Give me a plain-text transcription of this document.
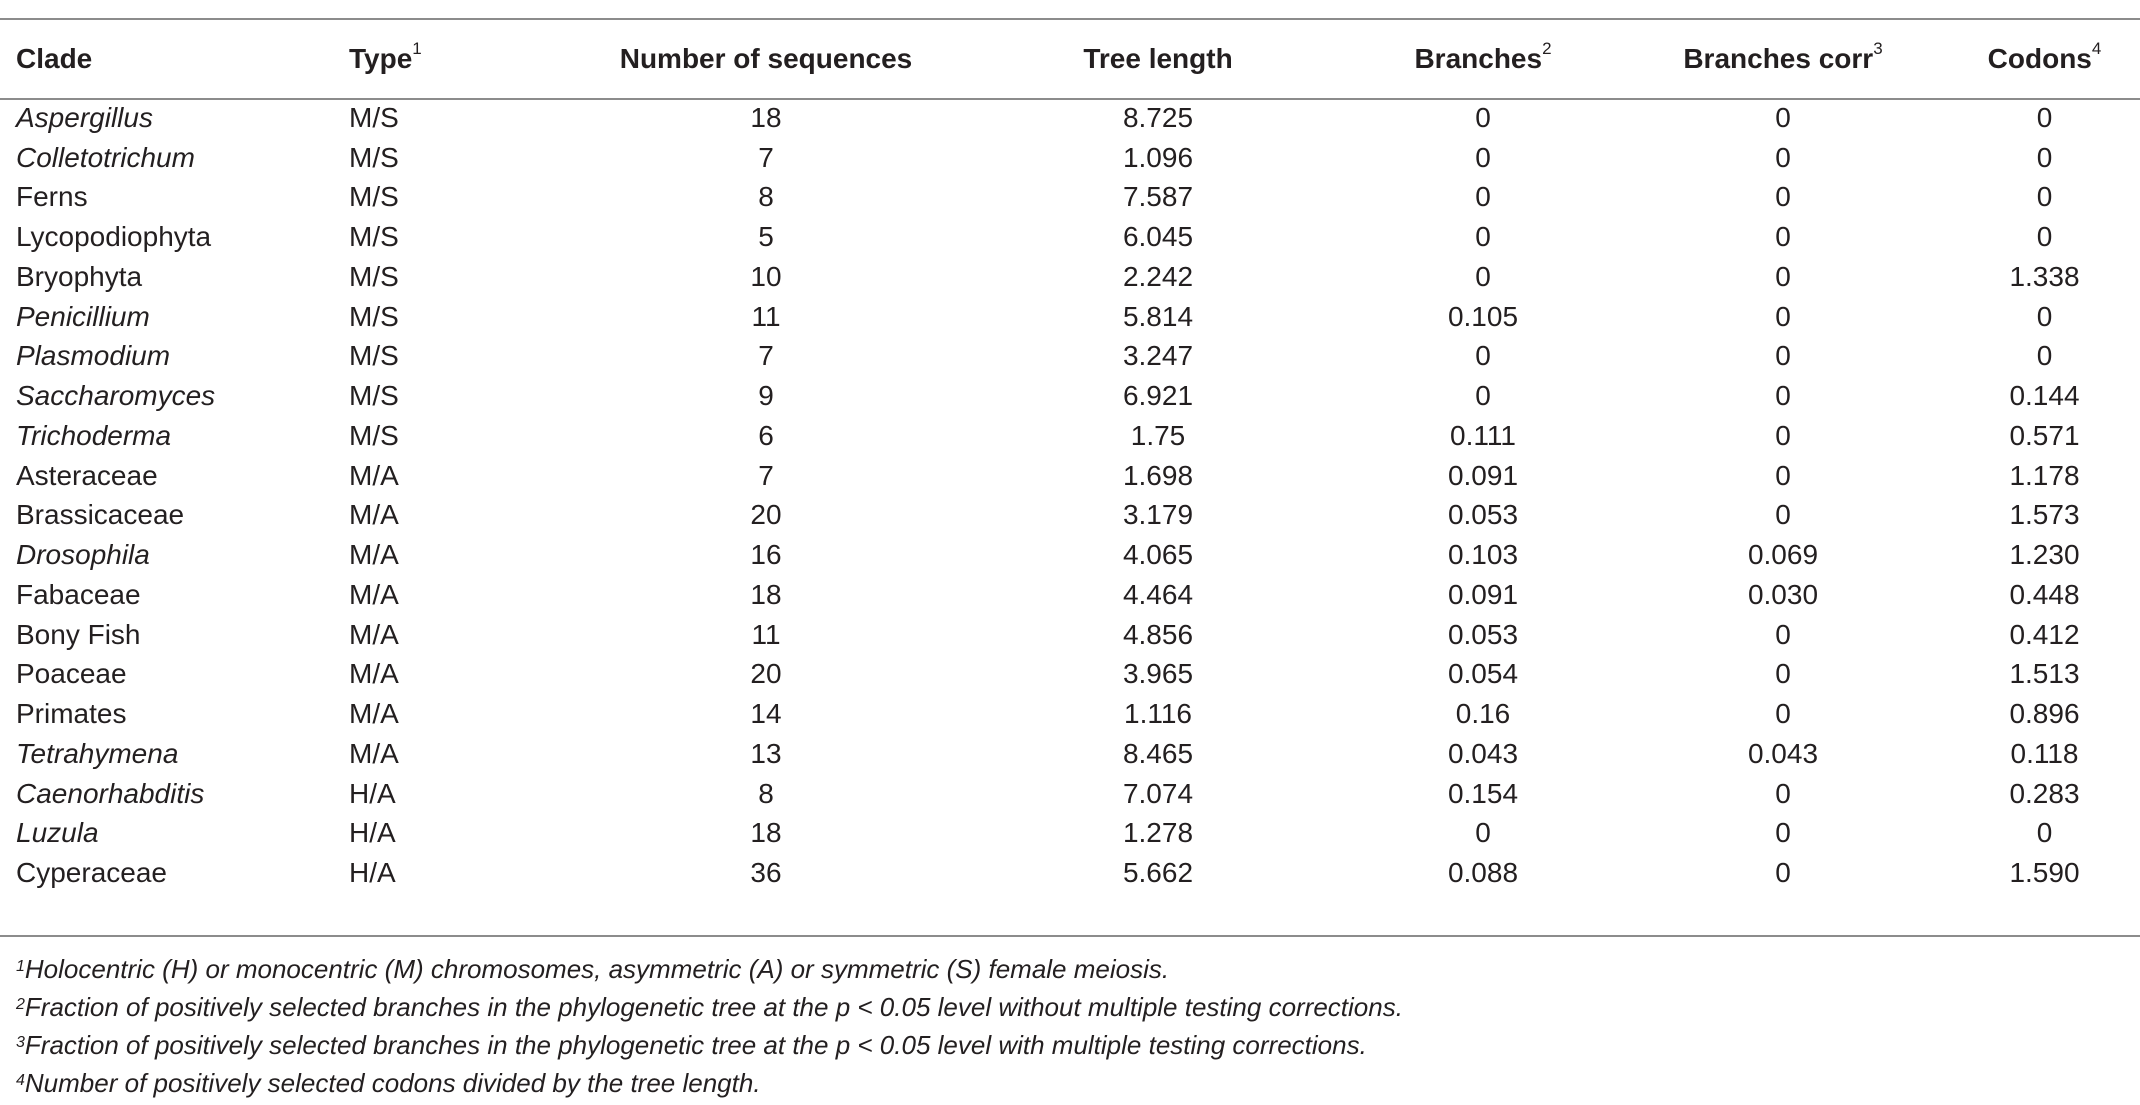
Clade	Type$^1$	Number of sequences	Tree length	Branches$^2$	Branches corr$^3$	Codons$^4$
Aspergillus	M/S	18	8.725	0	0	0
Colletotrichum	M/S	7	1.096	0	0	0
Ferns	M/S	8	7.587	0	0	0
Lycopodiophyta	M/S	5	6.045	0	0	0
Bryophyta	M/S	10	2.242	0	0	1.338
Penicillium	M/S	11	5.814	0.105	0	0
Plasmodium	M/S	7	3.247	0	0	0
Saccharomyces	M/S	9	6.921	0	0	0.144
Trichoderma	M/S	6	1.75	0.111	0	0.571
Asteraceae	M/A	7	1.698	0.091	0	1.178
Brassicaceae	M/A	20	3.179	0.053	0	1.573
Drosophila	M/A	16	4.065	0.103	0.069	1.230
Fabaceae	M/A	18	4.464	0.091	0.030	0.448
Bony Fish	M/A	11	4.856	0.053	0	0.412
Poaceae	M/A	20	3.965	0.054	0	1.513
Primates	M/A	14	1.116	0.16	0	0.896
Tetrahymena	M/A	13	8.465	0.043	0.043	0.118
Caenorhabditis	H/A	8	7.074	0.154	0	0.283
Luzula	H/A	18	1.278	0	0	0
Cyperaceae	H/A	36	5.662	0.088	0	1.590
$^1$Holocentric (H) or monocentric (M) chromosomes, asymmetric (A) or symmetric (S) female meiosis.
$^2$Fraction of positively selected branches in the phylogenetic tree at the p < 0.05 level without multiple testing corrections.
$^3$Fraction of positively selected branches in the phylogenetic tree at the p < 0.05 level with multiple testing corrections.
$^4$Number of positively selected codons divided by the tree length.
